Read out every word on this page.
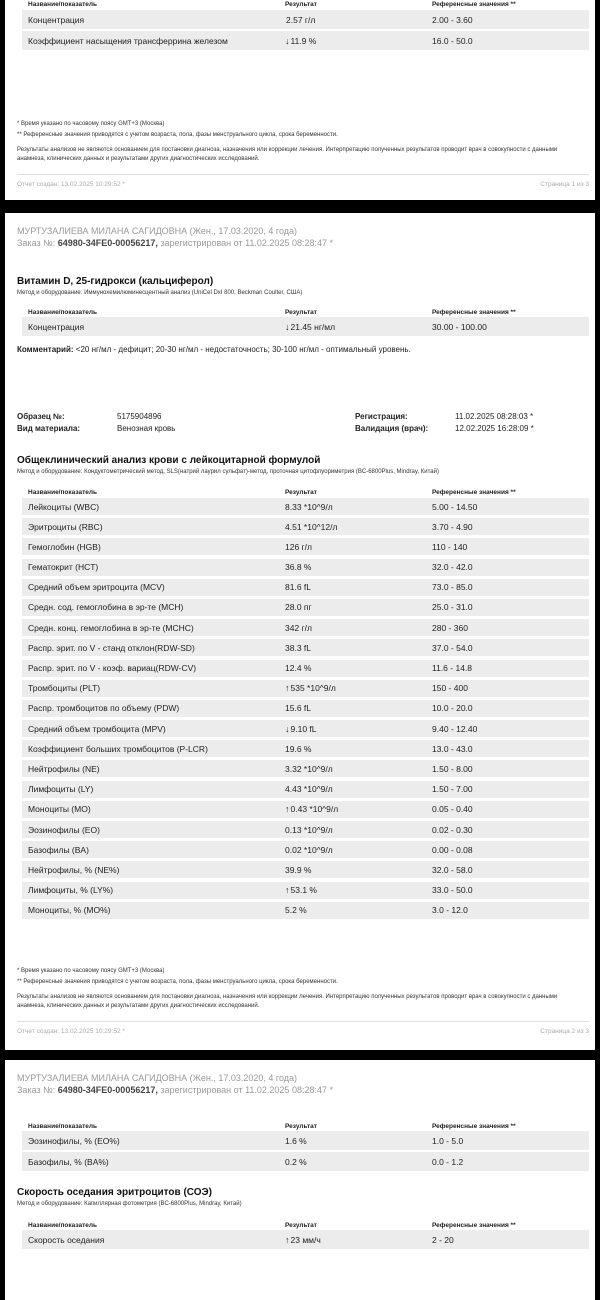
Название/показатель	Результат	Референсные значения **
Концентрация	2.57 г/л	2.00 - 3.60
Коэффициент насыщения трансферрина железом	↓11.9 %	16.0 - 50.0
* Время указано по часовому поясу GMT+3 (Москва)
** Референсные значения приводятся с учетом возраста, пола, фазы менструального цикла, срока беременности.
Результаты анализов не являются основанием для постановки диагноза, назначения или коррекции лечения. Интерпретацию полученных результатов проводит врач в совокупности с данными анамнеза, клинических данных и результатами других диагностических исследований.
Отчет создан: 13.02.2025 10:29:52 *	Страница 1 из 3
МУРТУЗАЛИЕВА МИЛАНА САГИДОВНА (Жен., 17.03.2020, 4 года)
Заказ №: 64980-34FE0-00056217, зарегистрирован от 11.02.2025 08:28:47 *
Витамин D, 25-гидрокси (кальциферол)
Метод и оборудование: Иммунохемилюминесцентный анализ (UniCel DxI 800, Beckman Coulter, США)
Название/показатель	Результат	Референсные значения **
Концентрация	↓21.45 нг/мл	30.00 - 100.00
Комментарий: <20 нг/мл - дефицит; 20-30 нг/мл - недостаточность; 30-100 нг/мл - оптимальный уровень.
Образец №:	5175904896
Вид материала:	Венозная кровь
Регистрация:	11.02.2025 08:28:03 *
Валидация (врач):	12.02.2025 16:28:09 *
Общеклинический анализ крови с лейкоцитарной формулой
Метод и оборудование: Кондуктометрический метод, SLS(натрий лаурил сульфат)-метод, проточная цитофлуориметрия (BC-6800Plus, Mindray, Китай)
Название/показатель	Результат	Референсные значения **
Лейкоциты (WBC)	8.33 *10^9/л	5.00 - 14.50
Эритроциты (RBC)	4.51 *10^12/л	3.70 - 4.90
Гемоглобин (HGB)	126 г/л	110 - 140
Гематокрит (HCT)	36.8 %	32.0 - 42.0
Средний объем эритроцита (MCV)	81.6 fL	73.0 - 85.0
Средн. сод. гемоглобина в эр-те (MCH)	28.0 пг	25.0 - 31.0
Средн. конц. гемоглобина в эр-те (MCHC)	342 г/л	280 - 360
Распр. эрит. по V - станд отклон(RDW-SD)	38.3 fL	37.0 - 54.0
Распр. эрит. по V - коэф. вариац(RDW-CV)	12.4 %	11.6 - 14.8
Тромбоциты (PLT)	↑535 *10^9/л	150 - 400
Распр. тромбоцитов по объему (PDW)	15.6 fL	10.0 - 20.0
Средний объем тромбоцита (MPV)	↓9.10 fL	9.40 - 12.40
Коэффициент больших тромбоцитов (P-LCR)	19.6 %	13.0 - 43.0
Нейтрофилы (NE)	3.32 *10^9/л	1.50 - 8.00
Лимфоциты (LY)	4.43 *10^9/л	1.50 - 7.00
Моноциты (MO)	↑0.43 *10^9/л	0.05 - 0.40
Эозинофилы (EO)	0.13 *10^9/л	0.02 - 0.30
Базофилы (BA)	0.02 *10^9/л	0.00 - 0.08
Нейтрофилы, % (NE%)	39.9 %	32.0 - 58.0
Лимфоциты, % (LY%)	↑53.1 %	33.0 - 50.0
Моноциты, % (MO%)	5.2 %	3.0 - 12.0
* Время указано по часовому поясу GMT+3 (Москва)
** Референсные значения приводятся с учетом возраста, пола, фазы менструального цикла, срока беременности.
Результаты анализов не являются основанием для постановки диагноза, назначения или коррекции лечения. Интерпретацию полученных результатов проводит врач в совокупности с данными анамнеза, клинических данных и результатами других диагностических исследований.
Отчет создан: 13.02.2025 10:29:52 *	Страница 2 из 3
МУРТУЗАЛИЕВА МИЛАНА САГИДОВНА (Жен., 17.03.2020, 4 года)
Заказ №: 64980-34FE0-00056217, зарегистрирован от 11.02.2025 08:28:47 *
Название/показатель	Результат	Референсные значения **
Эозинофилы, % (EO%)	1.6 %	1.0 - 5.0
Базофилы, % (BA%)	0.2 %	0.0 - 1.2
Скорость оседания эритроцитов (СОЭ)
Метод и оборудование: Капиллярная фотометрия (BC-6800Plus, Mindray, Китай)
Название/показатель	Результат	Референсные значения **
Скорость оседания	↑23 мм/ч	2 - 20
